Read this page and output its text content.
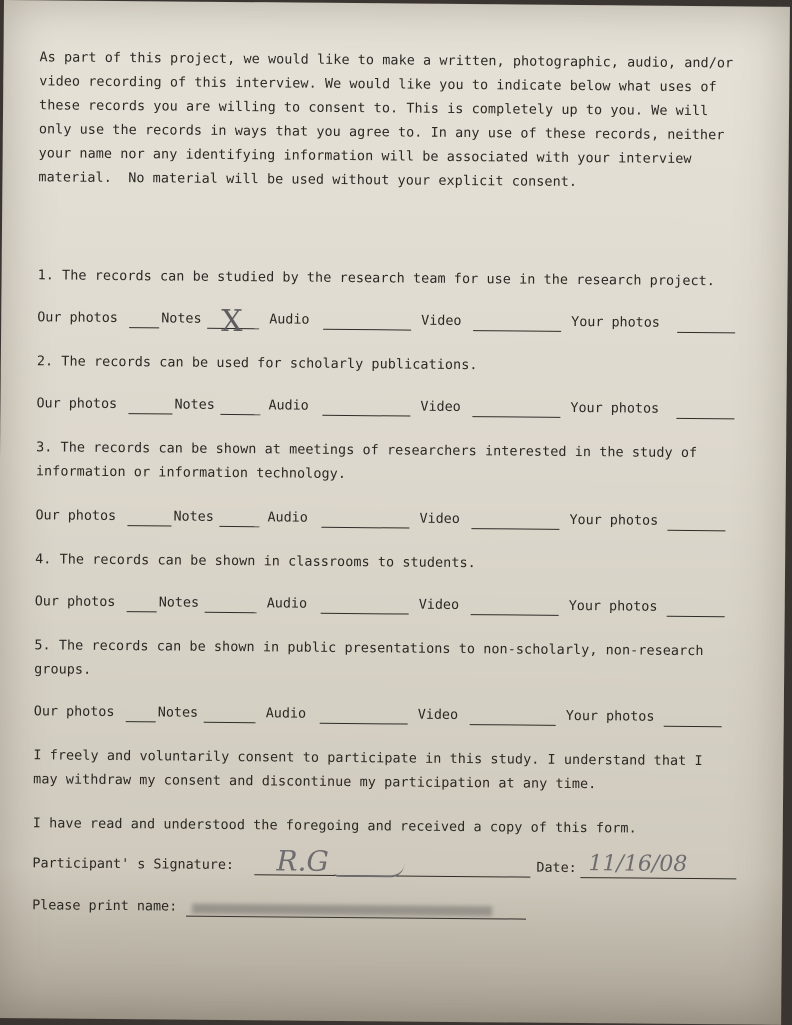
As part of this project, we would like to make a written, photographic, audio, and/or

video recording of this interview. We would like you to indicate below what uses of

these records you are willing to consent to. This is completely up to you. We will

only use the records in ways that you agree to. In any use of these records, neither

your name nor any identifying information will be associated with your interview

material.  No material will be used without your explicit consent.

1. The records can be studied by the research team for use in the research project.

Our photos	Notes X Audio	Video	Your photos

2. The records can be used for scholarly publications.

Our photos	Notes	Audio	Video	Your photos

3. The records can be shown at meetings of researchers interested in the study of

information or information technology.

Our photos	Notes	Audio	Video	Your photos

4. The records can be shown in classrooms to students.

Our photos	Notes	Audio	Video	Your photos

5. The records can be shown in public presentations to non-scholarly, non-research

groups.

Our photos	Notes	Audio	Video	Your photos

I freely and voluntarily consent to participate in this study. I understand that I

may withdraw my consent and discontinue my participation at any time.

I have read and understood the foregoing and received a copy of this form.

Participant' s Signature: R.G	Date: 11/16/08
Please print name:
